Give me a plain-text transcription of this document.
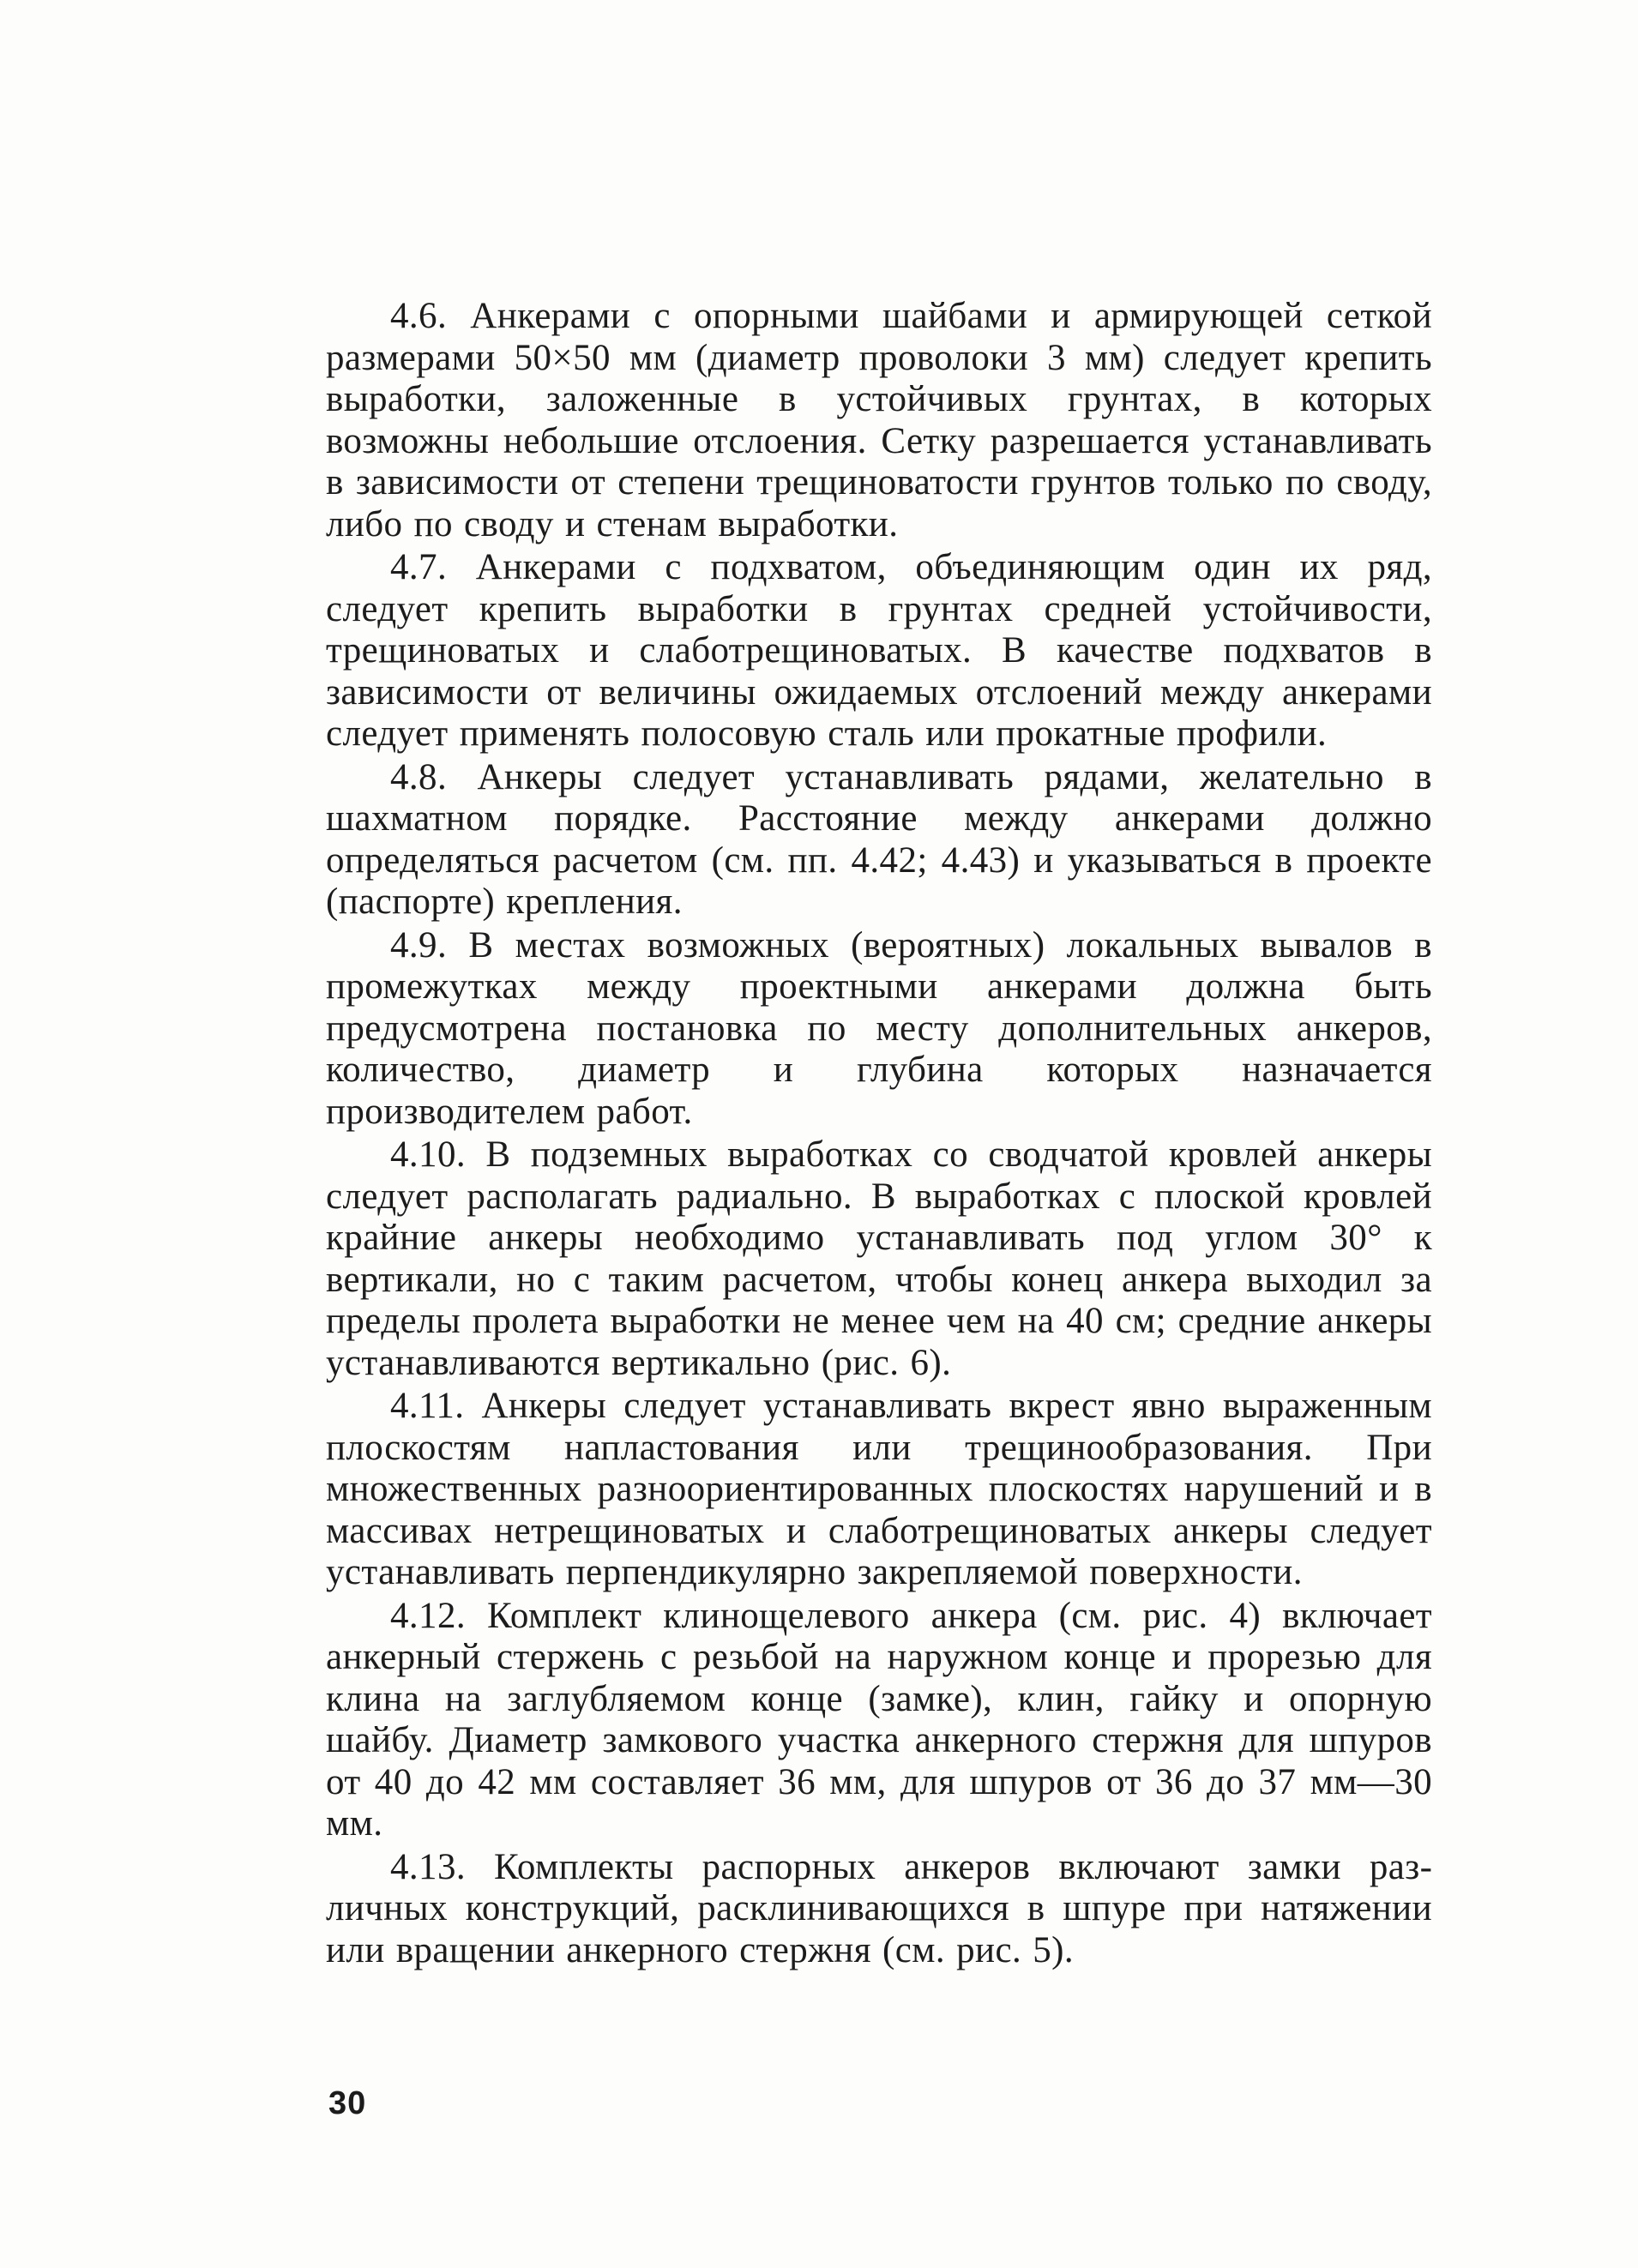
4.6. Анкерами с опорными шайбами и армирующей сеткой размерами 50×50 мм (диаметр проволоки 3 мм) следует крепить выработки, заложенные в устойчивых грунтах, в которых возможны небольшие отслоения. Сетку разрешается устанавливать в зависимости от степени трещиноватости грунтов только по своду, либо по своду и стенам выработки.

4.7. Анкерами с подхватом, объединяющим один их ряд, следует крепить выработки в грунтах средней устойчивости, трещиноватых и слаботрещиноватых. В качестве подхватов в зависимости от величины ожидаемых отслоений между анкерами следует применять полосовую сталь или прокатные профили.

4.8. Анкеры следует устанавливать рядами, желательно в шахматном порядке. Расстояние между анкерами должно определяться расчетом (см. пп. 4.42; 4.43) и указываться в проекте (паспорте) крепления.

4.9. В местах возможных (вероятных) локальных вывалов в промежутках между проектными анкерами должна быть предусмотрена постановка по месту дополнительных анкеров, количество, диаметр и глубина которых назначается производителем работ.

4.10. В подземных выработках со сводчатой кровлей анкеры следует располагать радиально. В выработках с плоской кровлей крайние анкеры необходимо устанавливать под углом 30° к вертикали, но с таким расчетом, чтобы конец анкера выходил за пределы пролета выработки не менее чем на 40 см; средние анкеры устанавливаются вертикально (рис. 6).

4.11. Анкеры следует устанавливать вкрест явно выраженным плоскостям напластования или трещинообразования. При множественных разноориентированных плоскостях нарушений и в массивах нетрещиноватых и слаботрещиноватых анкеры следует устанавливать перпендикулярно закрепляемой поверхности.

4.12. Комплект клинощелевого анкера (см. рис. 4) включает анкерный стержень с резьбой на наружном конце и прорезью для клина на заглубляемом конце (замке), клин, гайку и опорную шайбу. Диаметр замкового участка анкерного стержня для шпуров от 40 до 42 мм составляет 36 мм, для шпуров от 36 до 37 мм—30 мм.

4.13. Комплекты распорных анкеров включают замки различных конструкций, расклинивающихся в шпуре при натяжении или вращении анкерного стержня (см. рис. 5).

30
